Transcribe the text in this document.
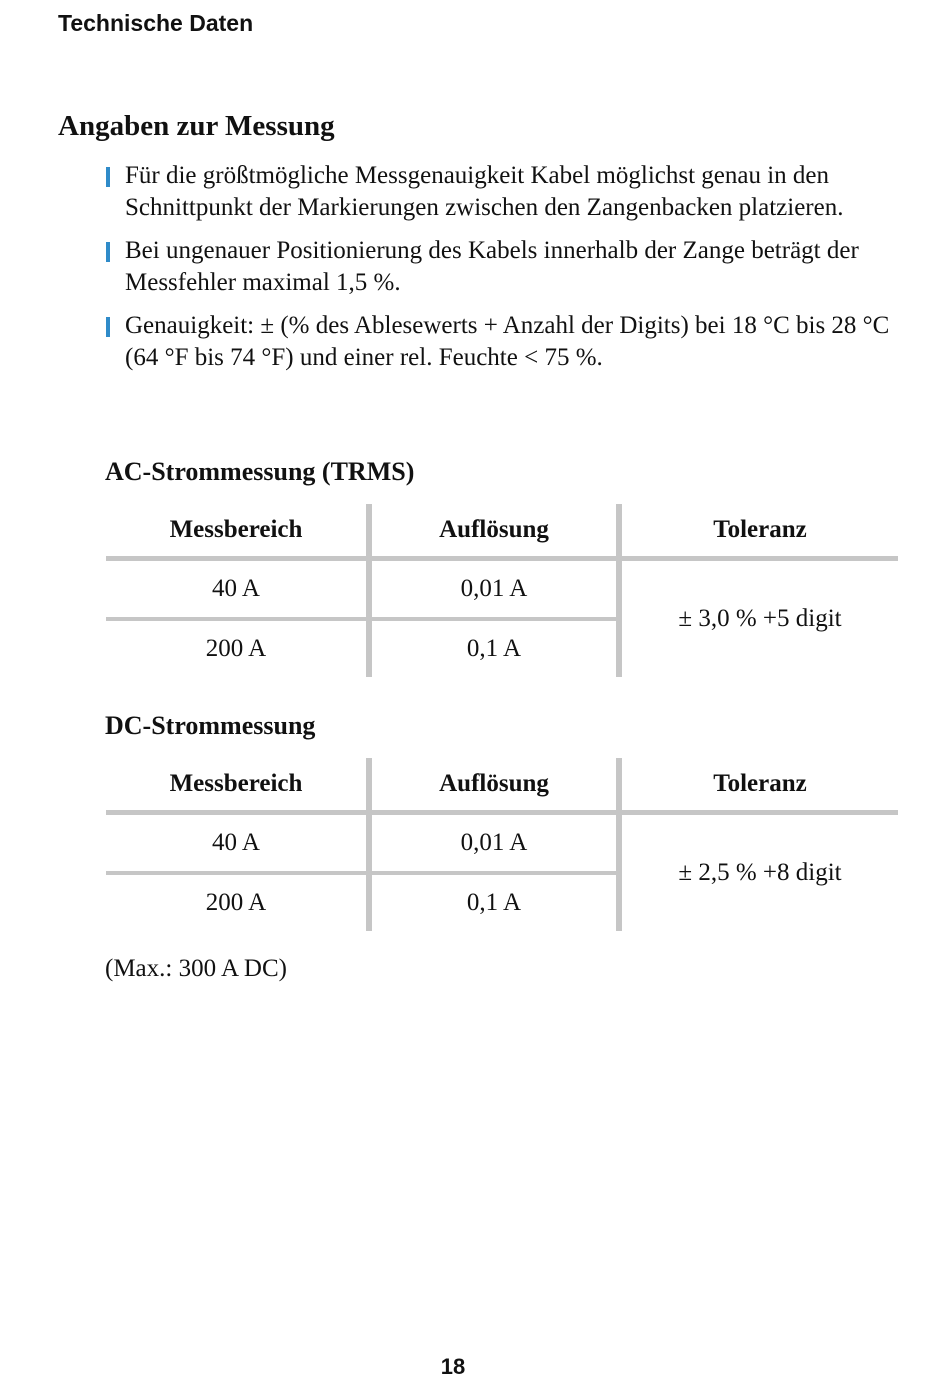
Technische Daten
Angaben zur Messung
Für die größtmögliche Messgenauigkeit Kabel möglichst genau in den Schnittpunkt der Markierungen zwischen den Zangenbacken platzieren.
Bei ungenauer Positionierung des Kabels innerhalb der Zange beträgt der Messfehler maximal 1,5 %.
Genauigkeit: ± (% des Ablesewerts + Anzahl der Digits) bei 18 °C bis 28 °C (64 °F bis 74 °F) und einer rel. Feuchte < 75 %.
AC-Strommessung (TRMS)
Messbereich	Auflösung	Toleranz
40 A	0,01 A	± 3,0 % +5 digit
200 A	0,1 A	
DC-Strommessung
Messbereich	Auflösung	Toleranz
40 A	0,01 A	± 2,5 % +8 digit
200 A	0,1 A	
(Max.: 300 A DC)
18
